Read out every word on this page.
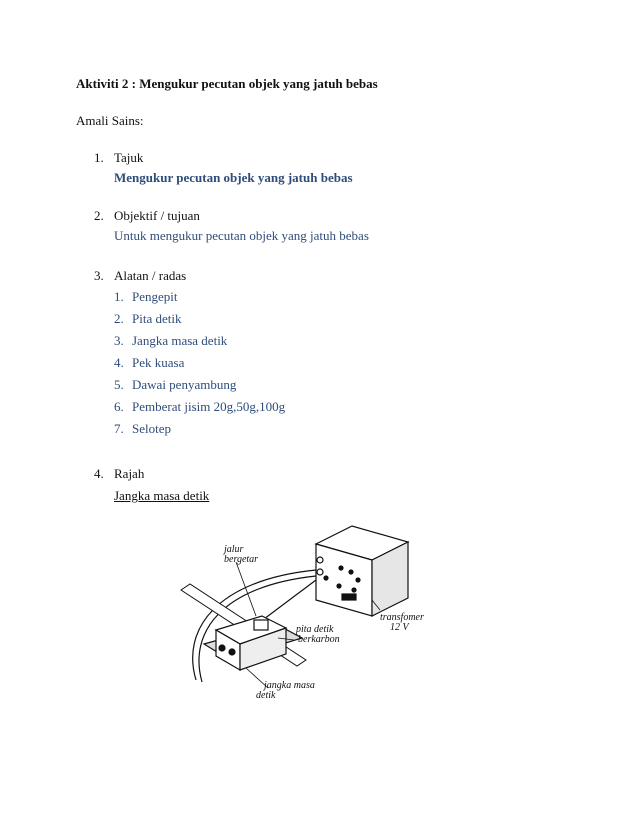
Aktiviti 2 : Mengukur pecutan objek yang jatuh bebas
Amali Sains:
1. Tajuk
Mengukur pecutan objek yang jatuh bebas
2. Objektif / tujuan
Untuk mengukur pecutan objek yang jatuh bebas
3. Alatan / radas
1. Pengepit
2. Pita detik
3. Jangka masa detik
4. Pek kuasa
5. Dawai penyambung
6. Pemberat jisim 20g,50g,100g
7. Selotep
4. Rajah
Jangka masa detik
jalur
bergetar
transfomer
12 V
pita detik
berkarbon
jangka masa
detik
